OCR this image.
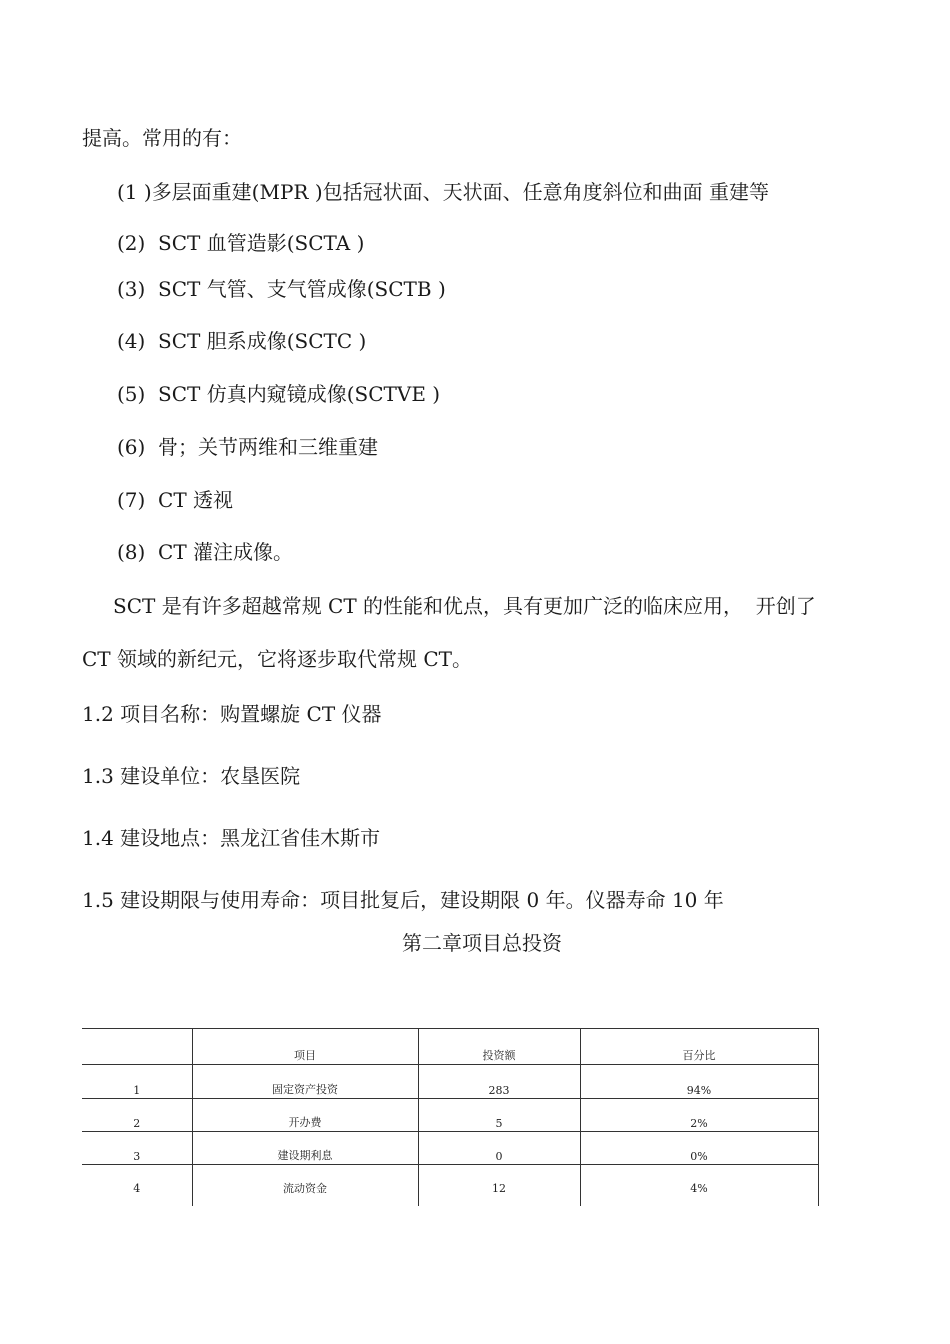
提高。常用的有：
(1 )多层面重建(MPR )包括冠状面、天状面、任意角度斜位和曲面 重建等
(2)  SCT 血管造影(SCTA )
(3)  SCT 气管、支气管成像(SCTB )
(4)  SCT 胆系成像(SCTC )
(5)  SCT 仿真内窥镜成像(SCTVE )
(6)  骨；关节两维和三维重建
(7)  CT 透视
(8)  CT 灌注成像。
SCT 是有许多超越常规 CT 的性能和优点，具有更加广泛的临床应用，  开创了
CT 领域的新纪元，它将逐步取代常规 CT。
1.2 项目名称：购置螺旋 CT 仪器
1.3 建设单位：农垦医院
1.4 建设地点：黑龙江省佳木斯市
1.5 建设期限与使用寿命：项目批复后，建设期限 0 年。仪器寿命 10 年
第二章项目总投资
	项目	投资额	百分比
1	固定资产投资	283	94%
2	开办费	5	2%
3	建设期利息	0	0%
4	流动资金	12	4%
